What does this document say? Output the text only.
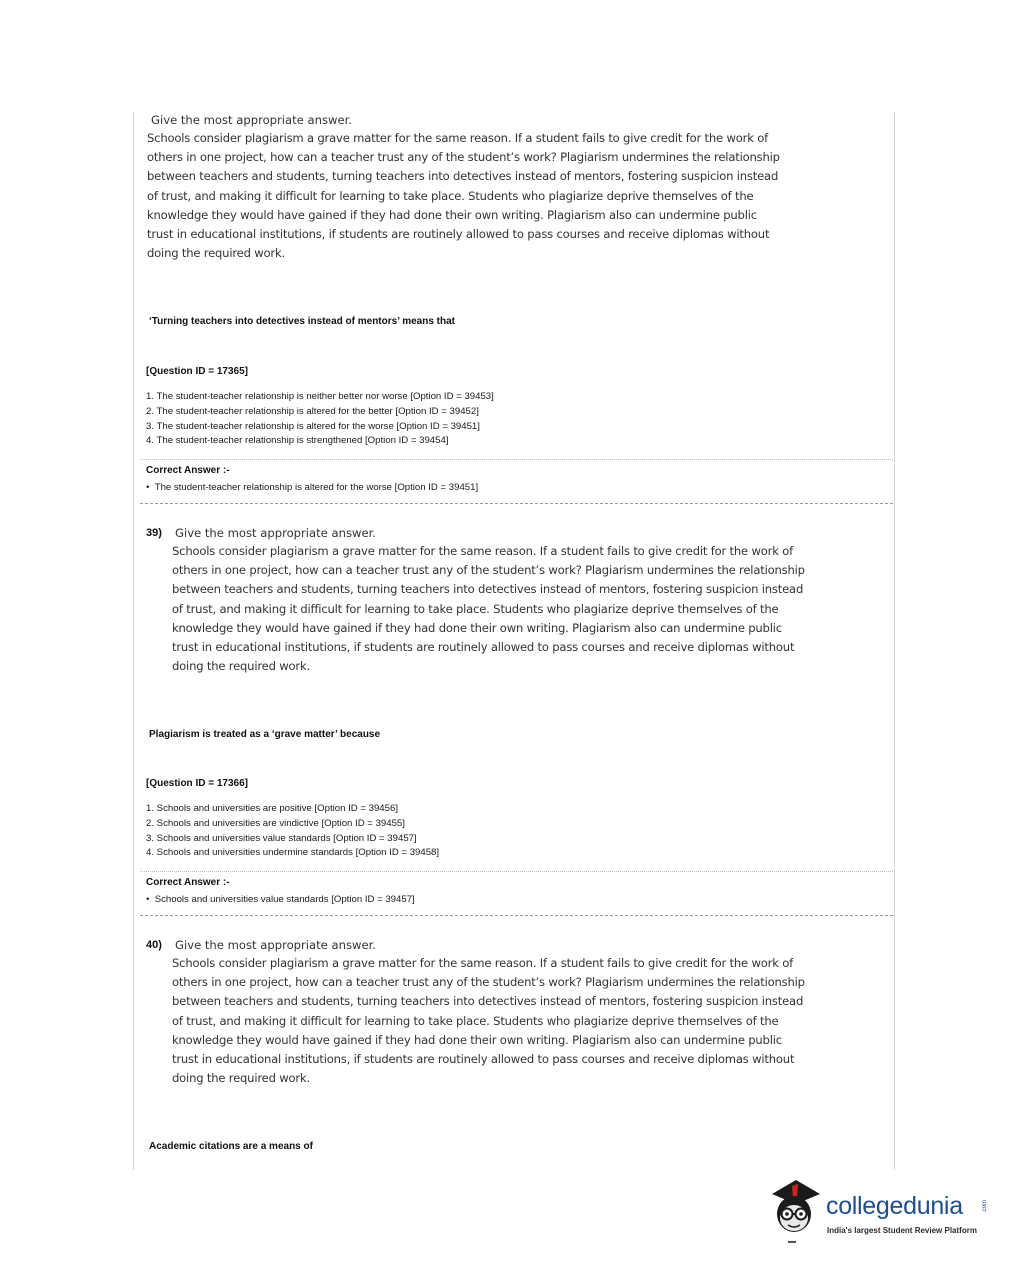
Give the most appropriate answer.

Schools consider plagiarism a grave matter for the same reason. If a student fails to give credit for the work of

others in one project, how can a teacher trust any of the student’s work? Plagiarism undermines the relationship

between teachers and students, turning teachers into detectives instead of mentors, fostering suspicion instead

of trust, and making it difficult for learning to take place. Students who plagiarize deprive themselves of the

knowledge they would have gained if they had done their own writing. Plagiarism also can undermine public

trust in educational institutions, if students are routinely allowed to pass courses and receive diplomas without

doing the required work.

‘Turning teachers into detectives instead of mentors’ means that
[Question ID = 17365]
1. The student-teacher relationship is neither better nor worse [Option ID = 39453]
2. The student-teacher relationship is altered for the better [Option ID = 39452]
3. The student-teacher relationship is altered for the worse [Option ID = 39451]
4. The student-teacher relationship is strengthened [Option ID = 39454]
Correct Answer :-
•  The student-teacher relationship is altered for the worse [Option ID = 39451]
39) Give the most appropriate answer.

Schools consider plagiarism a grave matter for the same reason. If a student fails to give credit for the work of

others in one project, how can a teacher trust any of the student’s work? Plagiarism undermines the relationship

between teachers and students, turning teachers into detectives instead of mentors, fostering suspicion instead

of trust, and making it difficult for learning to take place. Students who plagiarize deprive themselves of the

knowledge they would have gained if they had done their own writing. Plagiarism also can undermine public

trust in educational institutions, if students are routinely allowed to pass courses and receive diplomas without

doing the required work.

Plagiarism is treated as a ‘grave matter’ because
[Question ID = 17366]
1. Schools and universities are positive [Option ID = 39456]
2. Schools and universities are vindictive [Option ID = 39455]
3. Schools and universities value standards [Option ID = 39457]
4. Schools and universities undermine standards [Option ID = 39458]
Correct Answer :-
•  Schools and universities value standards [Option ID = 39457]
40) Give the most appropriate answer.

Schools consider plagiarism a grave matter for the same reason. If a student fails to give credit for the work of

others in one project, how can a teacher trust any of the student’s work? Plagiarism undermines the relationship

between teachers and students, turning teachers into detectives instead of mentors, fostering suspicion instead

of trust, and making it difficult for learning to take place. Students who plagiarize deprive themselves of the

knowledge they would have gained if they had done their own writing. Plagiarism also can undermine public

trust in educational institutions, if students are routinely allowed to pass courses and receive diplomas without

doing the required work.

Academic citations are a means of
collegedunia	.com
India's largest Student Review Platform
